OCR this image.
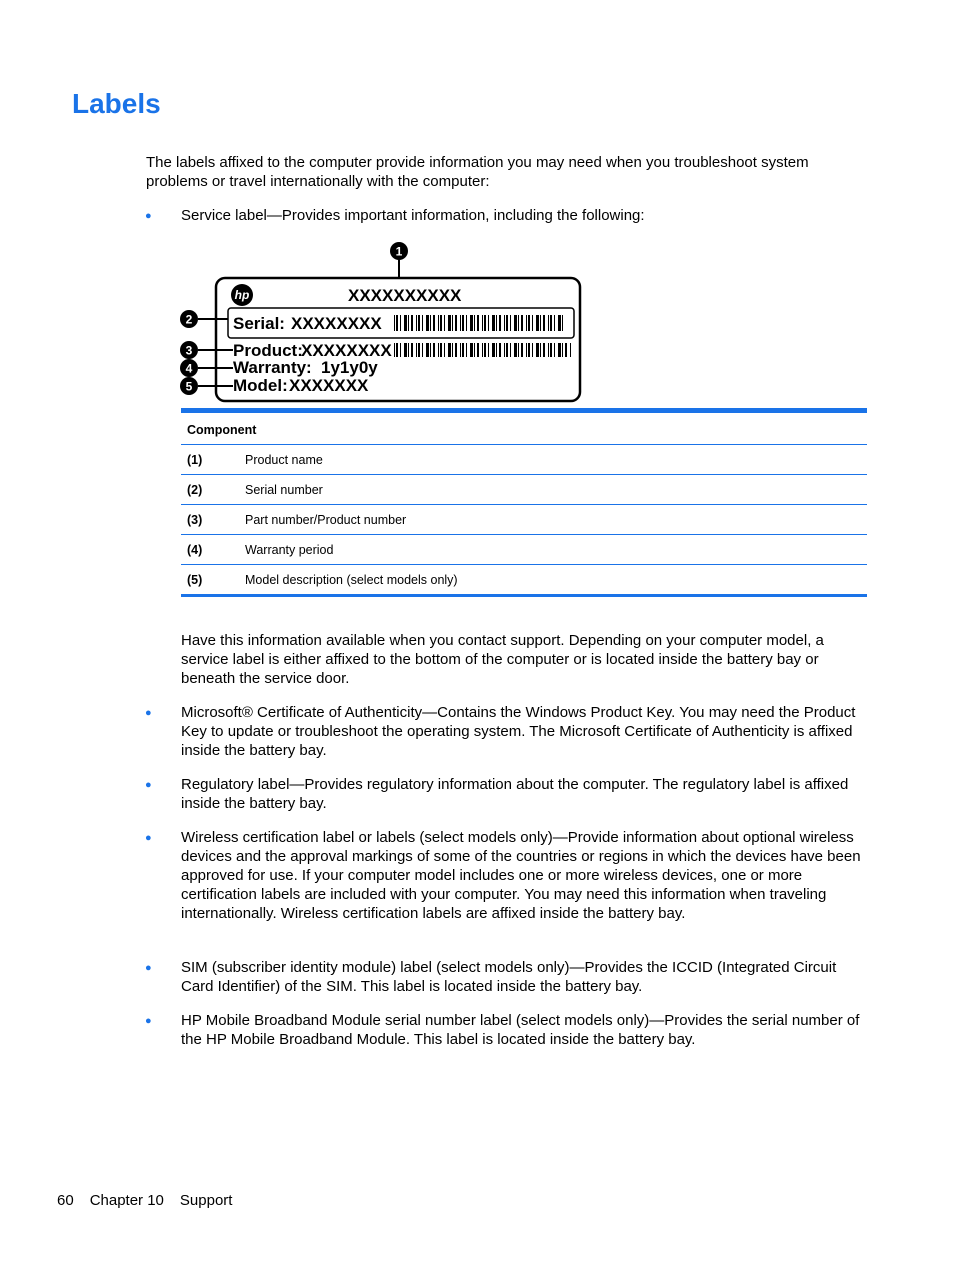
Labels

The labels affixed to the computer provide information you may need when you troubleshoot system problems or travel internationally with the computer:

● Service label—Provides important information, including the following:

hp	XXXXXXXXXX
Serial: XXXXXXXX
Product:
XXXXXXXX
Warranty: 1y1y0y
Model: XXXXXXX
1
2
3
4
5
Component	
(1)	Product name
(2)	Serial number
(3)	Part number/Product number
(4)	Warranty period
(5)	Model description (select models only)

Have this information available when you contact support. Depending on your computer model, a service label is either affixed to the bottom of the computer or is located inside the battery bay or beneath the service door.

● Microsoft® Certificate of Authenticity—Contains the Windows Product Key. You may need the Product Key to update or troubleshoot the operating system. The Microsoft Certificate of Authenticity is affixed inside the battery bay.

● Regulatory label—Provides regulatory information about the computer. The regulatory label is affixed inside the battery bay.

● Wireless certification label or labels (select models only)—Provide information about optional wireless devices and the approval markings of some of the countries or regions in which the devices have been approved for use. If your computer model includes one or more wireless devices, one or more certification labels are included with your computer. You may need this information when traveling internationally. Wireless certification labels are affixed inside the battery bay.

● SIM (subscriber identity module) label (select models only)—Provides the ICCID (Integrated Circuit Card Identifier) of the SIM. This label is located inside the battery bay.

● HP Mobile Broadband Module serial number label (select models only)—Provides the serial number of the HP Mobile Broadband Module. This label is located inside the battery bay.

60 Chapter 10 Support
